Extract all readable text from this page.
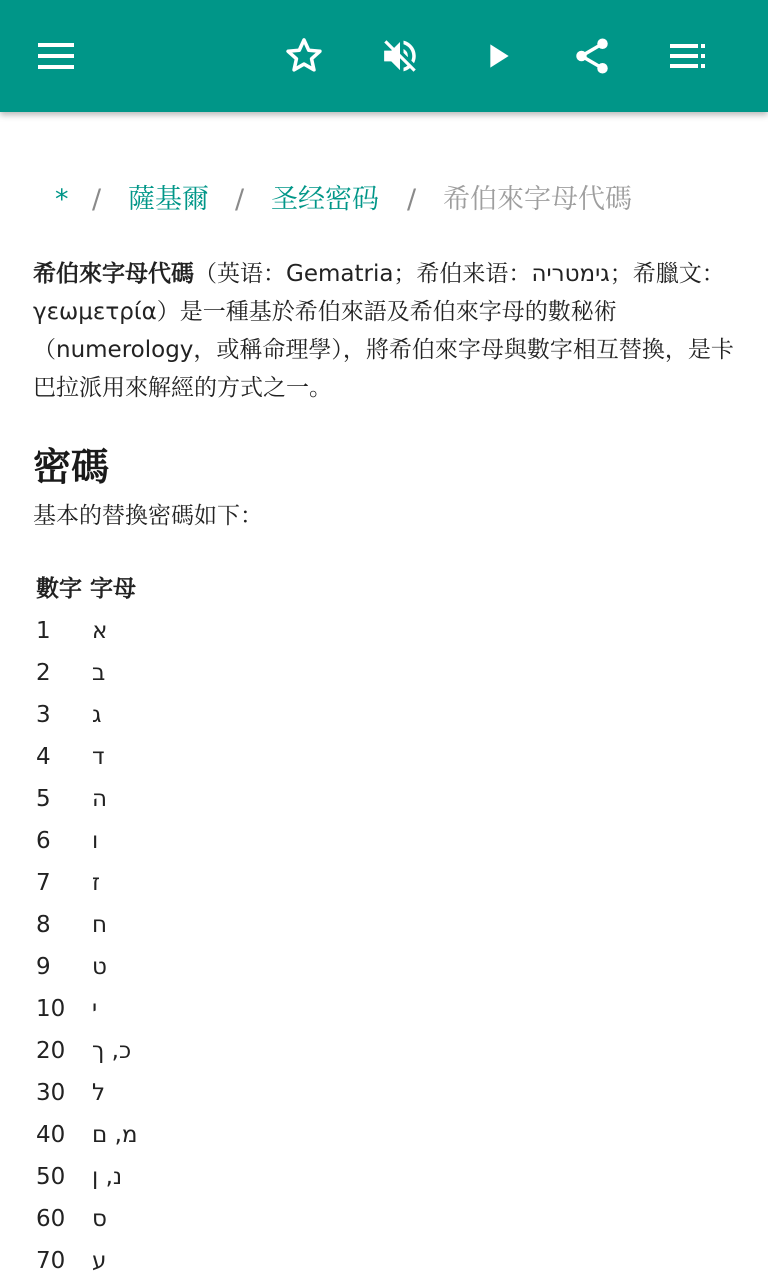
* / 薩基爾 / 圣经密码 / 希伯來字母代碼

希伯來字母代碼（英语：Gematria；希伯来语：גימטריה；希臘文：γεωμετρία）是一種基於希伯來語及希伯來字母的數秘術（numerology，或稱命理學），將希伯來字母與數字相互替換，是卡巴拉派用來解經的方式之一。

密碼

基本的替換密碼如下：

數字 字母
1 א
2 ב
3 ג
4 ד
5 ה
6 ו
7 ז
8 ח
9 ט
10 י
20 כ, ך
30 ל
40 מ, ם
50 נ, ן
60 ס
70 ע
